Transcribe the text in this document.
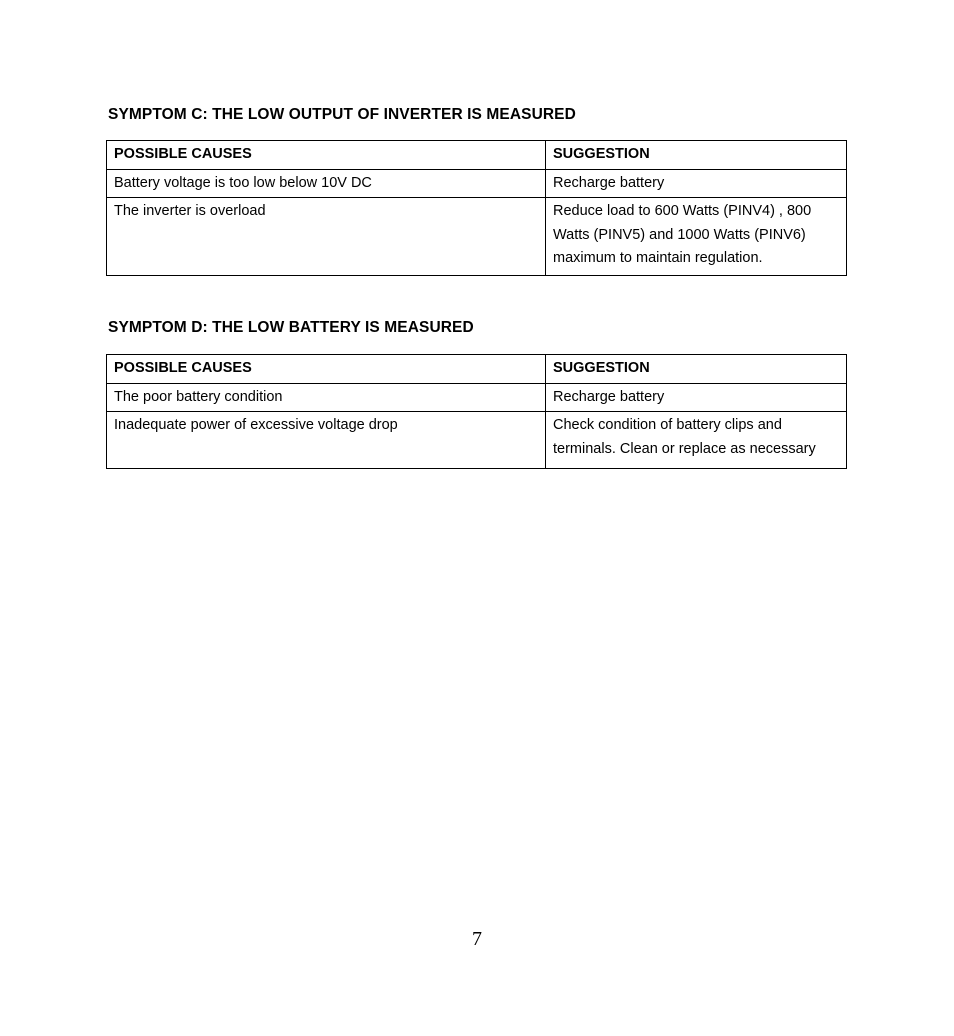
SYMPTOM C: THE LOW OUTPUT OF INVERTER IS MEASURED
POSSIBLE CAUSES	SUGGESTION
Battery voltage is too low below 10V DC	Recharge battery
The inverter is overload	Reduce load to 600 Watts (PINV4) , 800 Watts (PINV5) and 1000 Watts (PINV6) maximum to maintain regulation.
SYMPTOM D: THE LOW BATTERY IS MEASURED
POSSIBLE CAUSES	SUGGESTION
The poor battery condition	Recharge battery
Inadequate power of excessive voltage drop	Check condition of battery clips and terminals. Clean or replace as necessary
7
